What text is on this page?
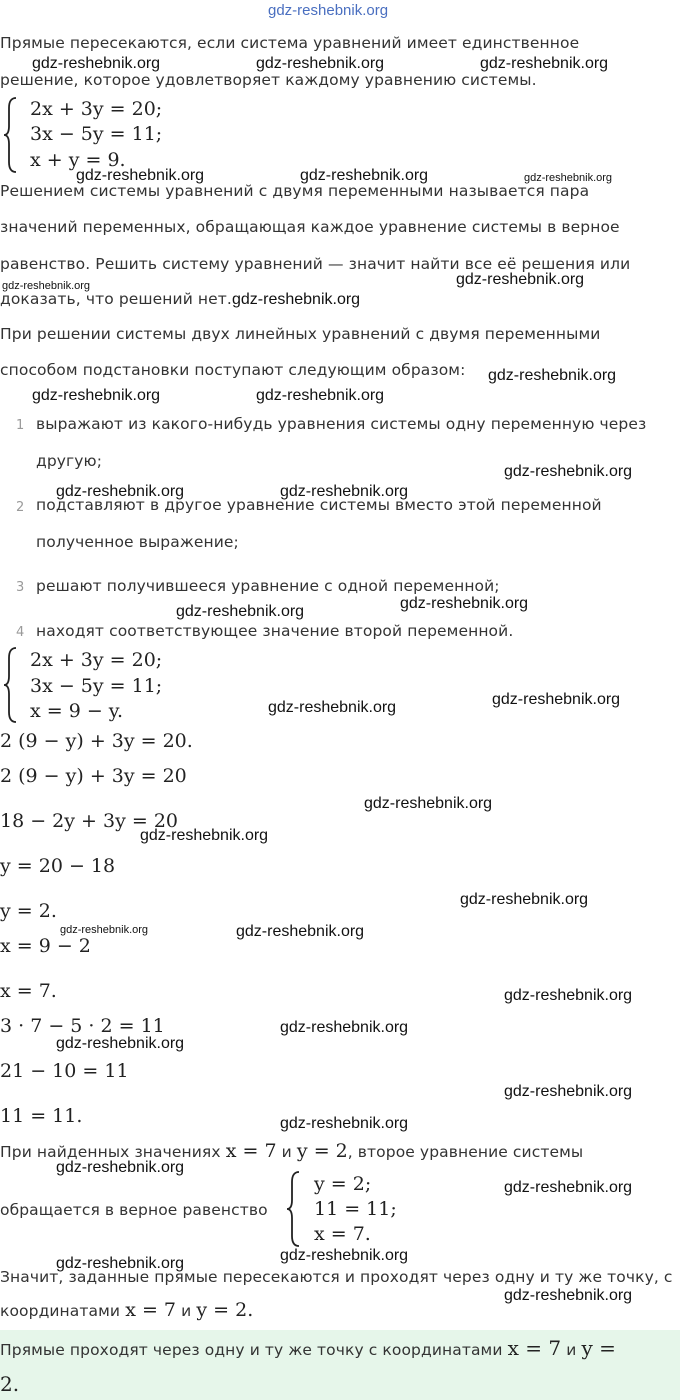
gdz-reshebnik.org
Прямые пересекаются, если система уравнений имеет единственное
решение, которое удовлетворяет каждому уравнению системы.
2x + 3y = 20;
3x − 5y = 11;
x + y = 9.
Решением системы уравнений с двумя переменными называется пара
значений переменных, обращающая каждое уравнение системы в верное
равенство. Решить систему уравнений — значит найти все её решения или
доказать, что решений нет.
При решении системы двух линейных уравнений с двумя переменными
способом подстановки поступают следующим образом:
1 выражают из какого-нибудь уравнения системы одну переменную через
другую;
2 подставляют в другое уравнение системы вместо этой переменной
полученное выражение;
3 решают получившееся уравнение с одной переменной;
4 находят соответствующее значение второй переменной.
2x + 3y = 20;
3x − 5y = 11;
x = 9 − y.
2 (9 − y) + 3y = 20.
2 (9 − y) + 3y = 20
18 − 2y + 3y = 20
y = 20 − 18
y = 2.
x = 9 − 2
x = 7.
3 · 7 − 5 · 2 = 11
21 − 10 = 11
11 = 11.
При найденных значениях x = 7 и y = 2, второе уравнение системы
обращается в верное равенство
y = 2;
11 = 11;
x = 7.
Значит, заданные прямые пересекаются и проходят через одну и ту же точку, с
координатами x = 7 и y = 2.
Прямые проходят через одну и ту же точку с координатами x = 7 и y =
2.
gdz-reshebnik.org	gdz-reshebnik.org	gdz-reshebnik.org
gdz-reshebnik.org	gdz-reshebnik.org	gdz-reshebnik.org
gdz-reshebnik.org
gdz-reshebnik.org
gdz-reshebnik.org
gdz-reshebnik.org
gdz-reshebnik.org	gdz-reshebnik.org
gdz-reshebnik.org
gdz-reshebnik.org	gdz-reshebnik.org
gdz-reshebnik.org
gdz-reshebnik.org
gdz-reshebnik.org
gdz-reshebnik.org
gdz-reshebnik.org
gdz-reshebnik.org
gdz-reshebnik.org
gdz-reshebnik.org	gdz-reshebnik.org
gdz-reshebnik.org
gdz-reshebnik.org
gdz-reshebnik.org
gdz-reshebnik.org
gdz-reshebnik.org
gdz-reshebnik.org
gdz-reshebnik.org
gdz-reshebnik.org
gdz-reshebnik.org
gdz-reshebnik.org
